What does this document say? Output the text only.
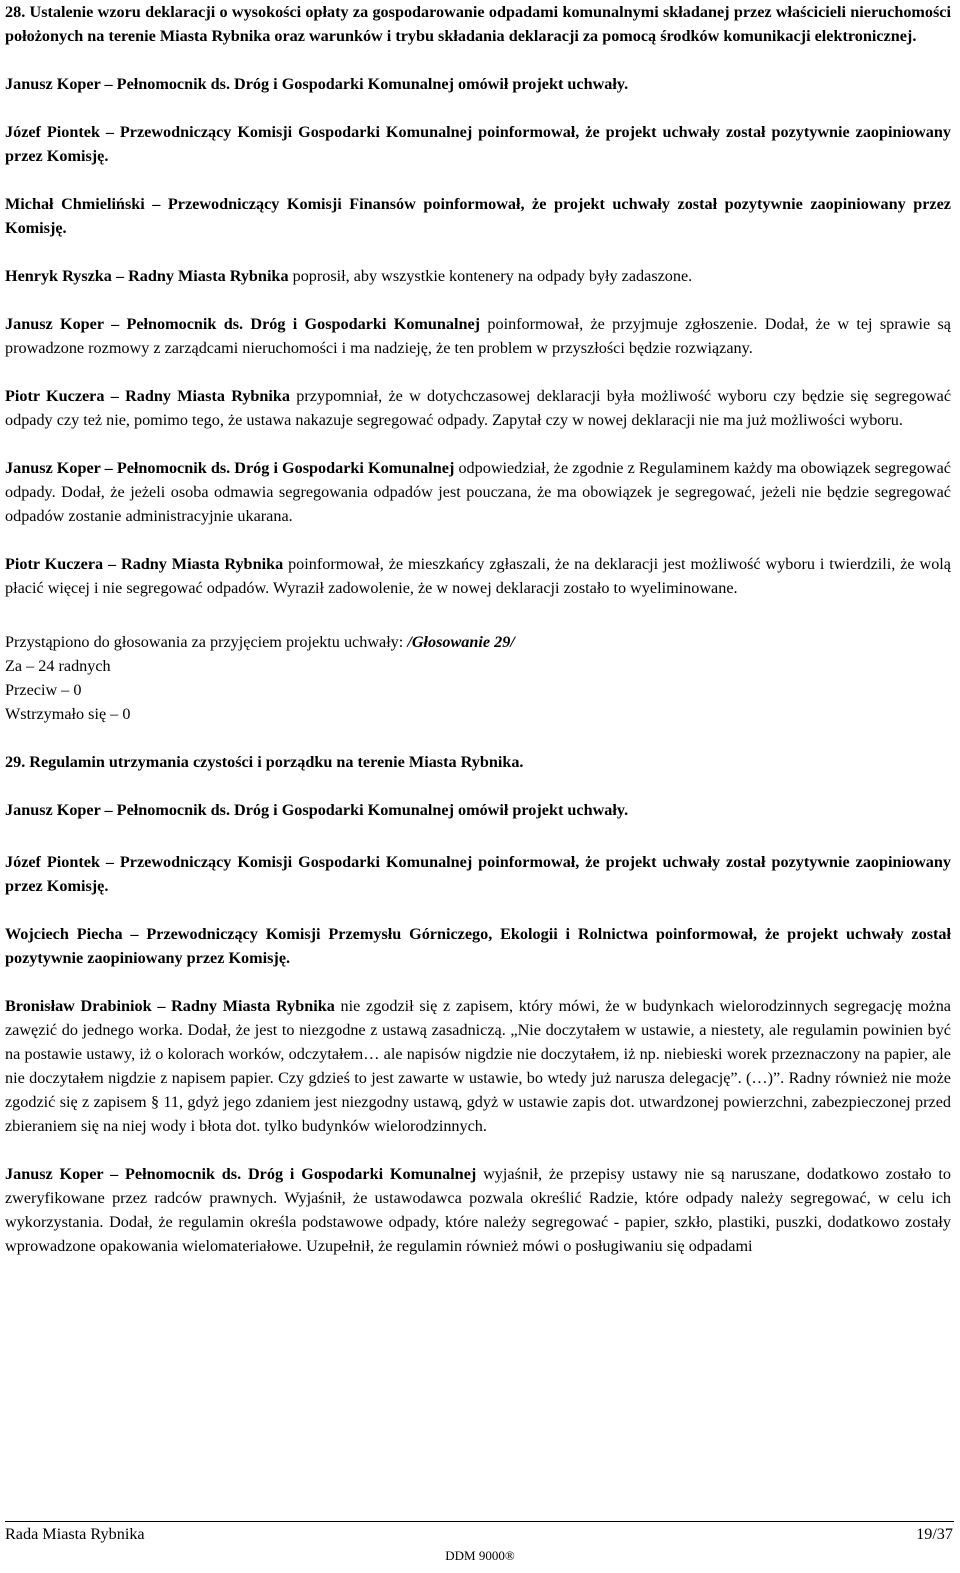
28. Ustalenie wzoru deklaracji o wysokości opłaty za gospodarowanie odpadami komunalnymi składanej przez właścicieli nieruchomości położonych na terenie Miasta Rybnika oraz warunków i trybu składania deklaracji za pomocą środków komunikacji elektronicznej.

Janusz Koper – Pełnomocnik ds. Dróg i Gospodarki Komunalnej omówił projekt uchwały.

Józef Piontek – Przewodniczący Komisji Gospodarki Komunalnej poinformował, że projekt uchwały został pozytywnie zaopiniowany przez Komisję.

Michał Chmieliński – Przewodniczący Komisji Finansów poinformował, że projekt uchwały został pozytywnie zaopiniowany przez Komisję.

Henryk Ryszka – Radny Miasta Rybnika poprosił, aby wszystkie kontenery na odpady były zadaszone.

Janusz Koper – Pełnomocnik ds. Dróg i Gospodarki Komunalnej poinformował, że przyjmuje zgłoszenie. Dodał, że w tej sprawie są prowadzone rozmowy z zarządcami nieruchomości i ma nadzieję, że ten problem w przyszłości będzie rozwiązany.

Piotr Kuczera – Radny Miasta Rybnika przypomniał, że w dotychczasowej deklaracji była możliwość wyboru czy będzie się segregować odpady czy też nie, pomimo tego, że ustawa nakazuje segregować odpady. Zapytał czy w nowej deklaracji nie ma już możliwości wyboru.

Janusz Koper – Pełnomocnik ds. Dróg i Gospodarki Komunalnej odpowiedział, że zgodnie z Regulaminem każdy ma obowiązek segregować odpady. Dodał, że jeżeli osoba odmawia segregowania odpadów jest pouczana, że ma obowiązek je segregować, jeżeli nie będzie segregować odpadów zostanie administracyjnie ukarana.

Piotr Kuczera – Radny Miasta Rybnika poinformował, że mieszkańcy zgłaszali, że na deklaracji jest możliwość wyboru i twierdzili, że wolą płacić więcej i nie segregować odpadów. Wyraził zadowolenie, że w nowej deklaracji zostało to wyeliminowane.

Przystąpiono do głosowania za przyjęciem projektu uchwały: /Głosowanie 29/

Za – 24 radnych

Przeciw – 0

Wstrzymało się – 0

29. Regulamin utrzymania czystości i porządku na terenie Miasta Rybnika.

Janusz Koper – Pełnomocnik ds. Dróg i Gospodarki Komunalnej omówił projekt uchwały.

Józef Piontek – Przewodniczący Komisji Gospodarki Komunalnej poinformował, że projekt uchwały został pozytywnie zaopiniowany przez Komisję.

Wojciech Piecha – Przewodniczący Komisji Przemysłu Górniczego, Ekologii i Rolnictwa poinformował, że projekt uchwały został pozytywnie zaopiniowany przez Komisję.

Bronisław Drabiniok – Radny Miasta Rybnika nie zgodził się z zapisem, który mówi, że w budynkach wielorodzinnych segregację można zawęzić do jednego worka. Dodał, że jest to niezgodne z ustawą zasadniczą. „Nie doczytałem w ustawie, a niestety, ale regulamin powinien być na postawie ustawy, iż o kolorach worków, odczytałem… ale napisów nigdzie nie doczytałem, iż np. niebieski worek przeznaczony na papier, ale nie doczytałem nigdzie z napisem papier. Czy gdzieś to jest zawarte w ustawie, bo wtedy już narusza delegację”. (…)”. Radny również nie może zgodzić się z zapisem § 11, gdyż jego zdaniem jest niezgodny ustawą, gdyż w ustawie zapis dot. utwardzonej powierzchni, zabezpieczonej przed zbieraniem się na niej wody i błota dot. tylko budynków wielorodzinnych.

Janusz Koper – Pełnomocnik ds. Dróg i Gospodarki Komunalnej wyjaśnił, że przepisy ustawy nie są naruszane, dodatkowo zostało to zweryfikowane przez radców prawnych. Wyjaśnił, że ustawodawca pozwala określić Radzie, które odpady należy segregować, w celu ich wykorzystania. Dodał, że regulamin określa podstawowe odpady, które należy segregować - papier, szkło, plastiki, puszki, dodatkowo zostały wprowadzone opakowania wielomateriałowe. Uzupełnił, że regulamin również mówi o posługiwaniu się odpadami

Rada Miasta Rybnika	19/37
DDM 9000®
